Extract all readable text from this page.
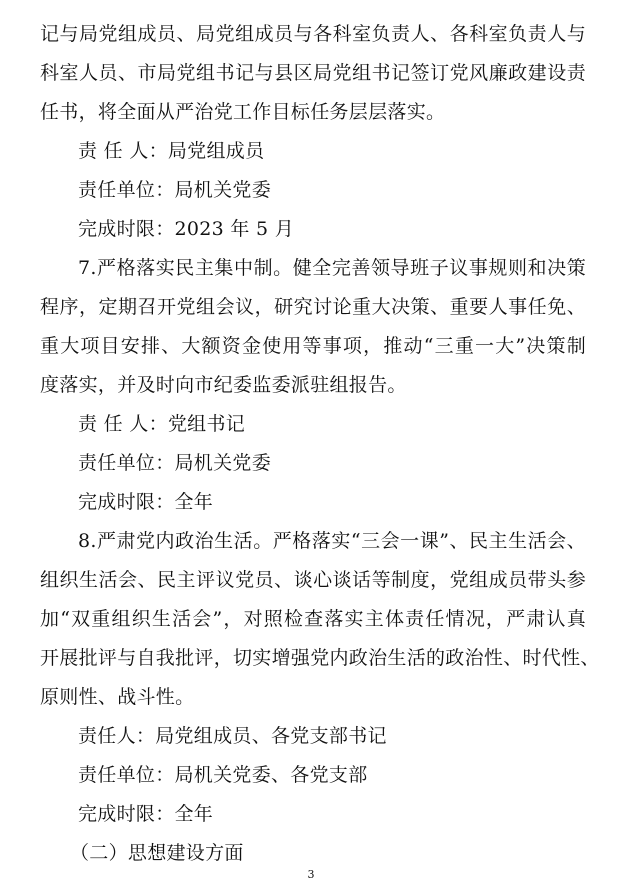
记与局党组成员、局党组成员与各科室负责人、各科室负责人与
科室人员、市局党组书记与县区局党组书记签订党风廉政建设责
任书，将全面从严治党工作目标任务层层落实。
责 任 人：局党组成员
责任单位：局机关党委
完成时限：2023 年 5 月
7.严格落实民主集中制。健全完善领导班子议事规则和决策
程序，定期召开党组会议，研究讨论重大决策、重要人事任免、
重大项目安排、大额资金使用等事项，推动“三重一大”决策制
度落实，并及时向市纪委监委派驻组报告。
责 任 人：党组书记
责任单位：局机关党委
完成时限：全年
8.严肃党内政治生活。严格落实“三会一课”、民主生活会、
组织生活会、民主评议党员、谈心谈话等制度，党组成员带头参
加“双重组织生活会”，对照检查落实主体责任情况，严肃认真
开展批评与自我批评，切实增强党内政治生活的政治性、时代性、
原则性、战斗性。
责任人：局党组成员、各党支部书记
责任单位：局机关党委、各党支部
完成时限：全年
（二）思想建设方面
3
